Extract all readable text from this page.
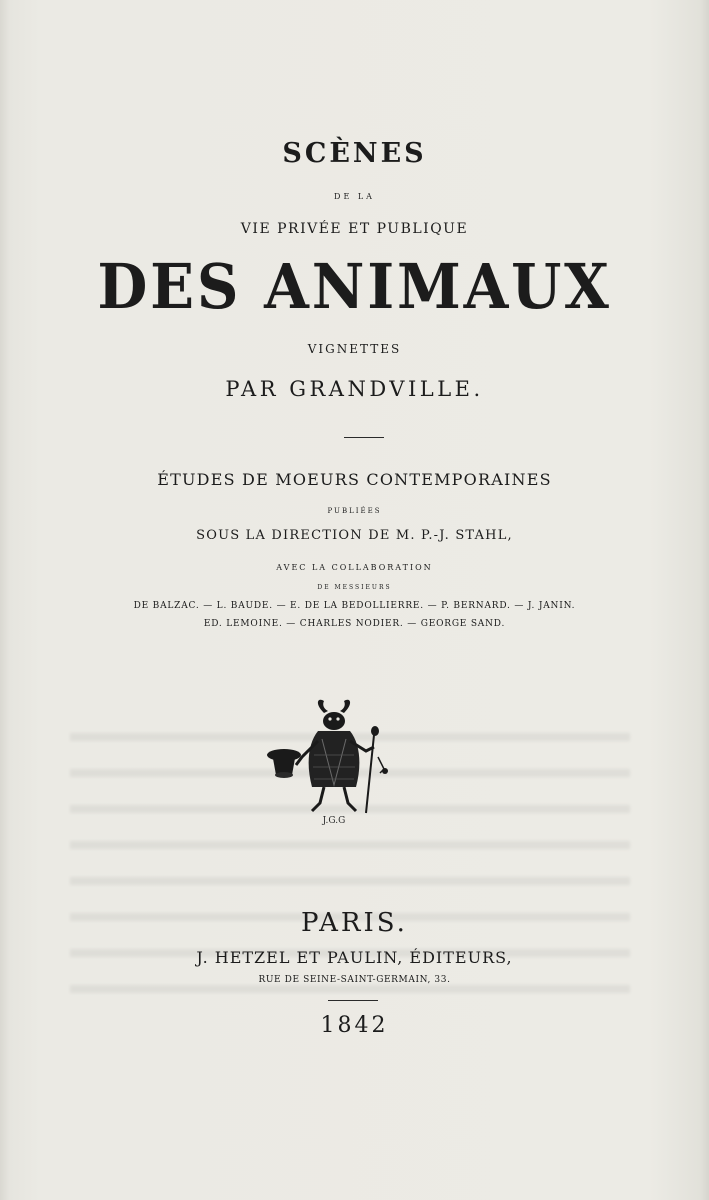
SCÈNES
DE LA
VIE PRIVÉE ET PUBLIQUE
DES ANIMAUX
VIGNETTES
PAR GRANDVILLE.
ÉTUDES DE MOEURS CONTEMPORAINES
PUBLIÉES
SOUS LA DIRECTION DE M. P.-J. STAHL,
AVEC LA COLLABORATION
DE MESSIEURS
DE BALZAC. — L. BAUDE. — E. DE LA BEDOLLIERRE. — P. BERNARD. — J. JANIN.
ED. LEMOINE. — CHARLES NODIER. — GEORGE SAND.
J.G.G
PARIS.
J. HETZEL ET PAULIN, ÉDITEURS,
RUE DE SEINE-SAINT-GERMAIN, 33.
1842
